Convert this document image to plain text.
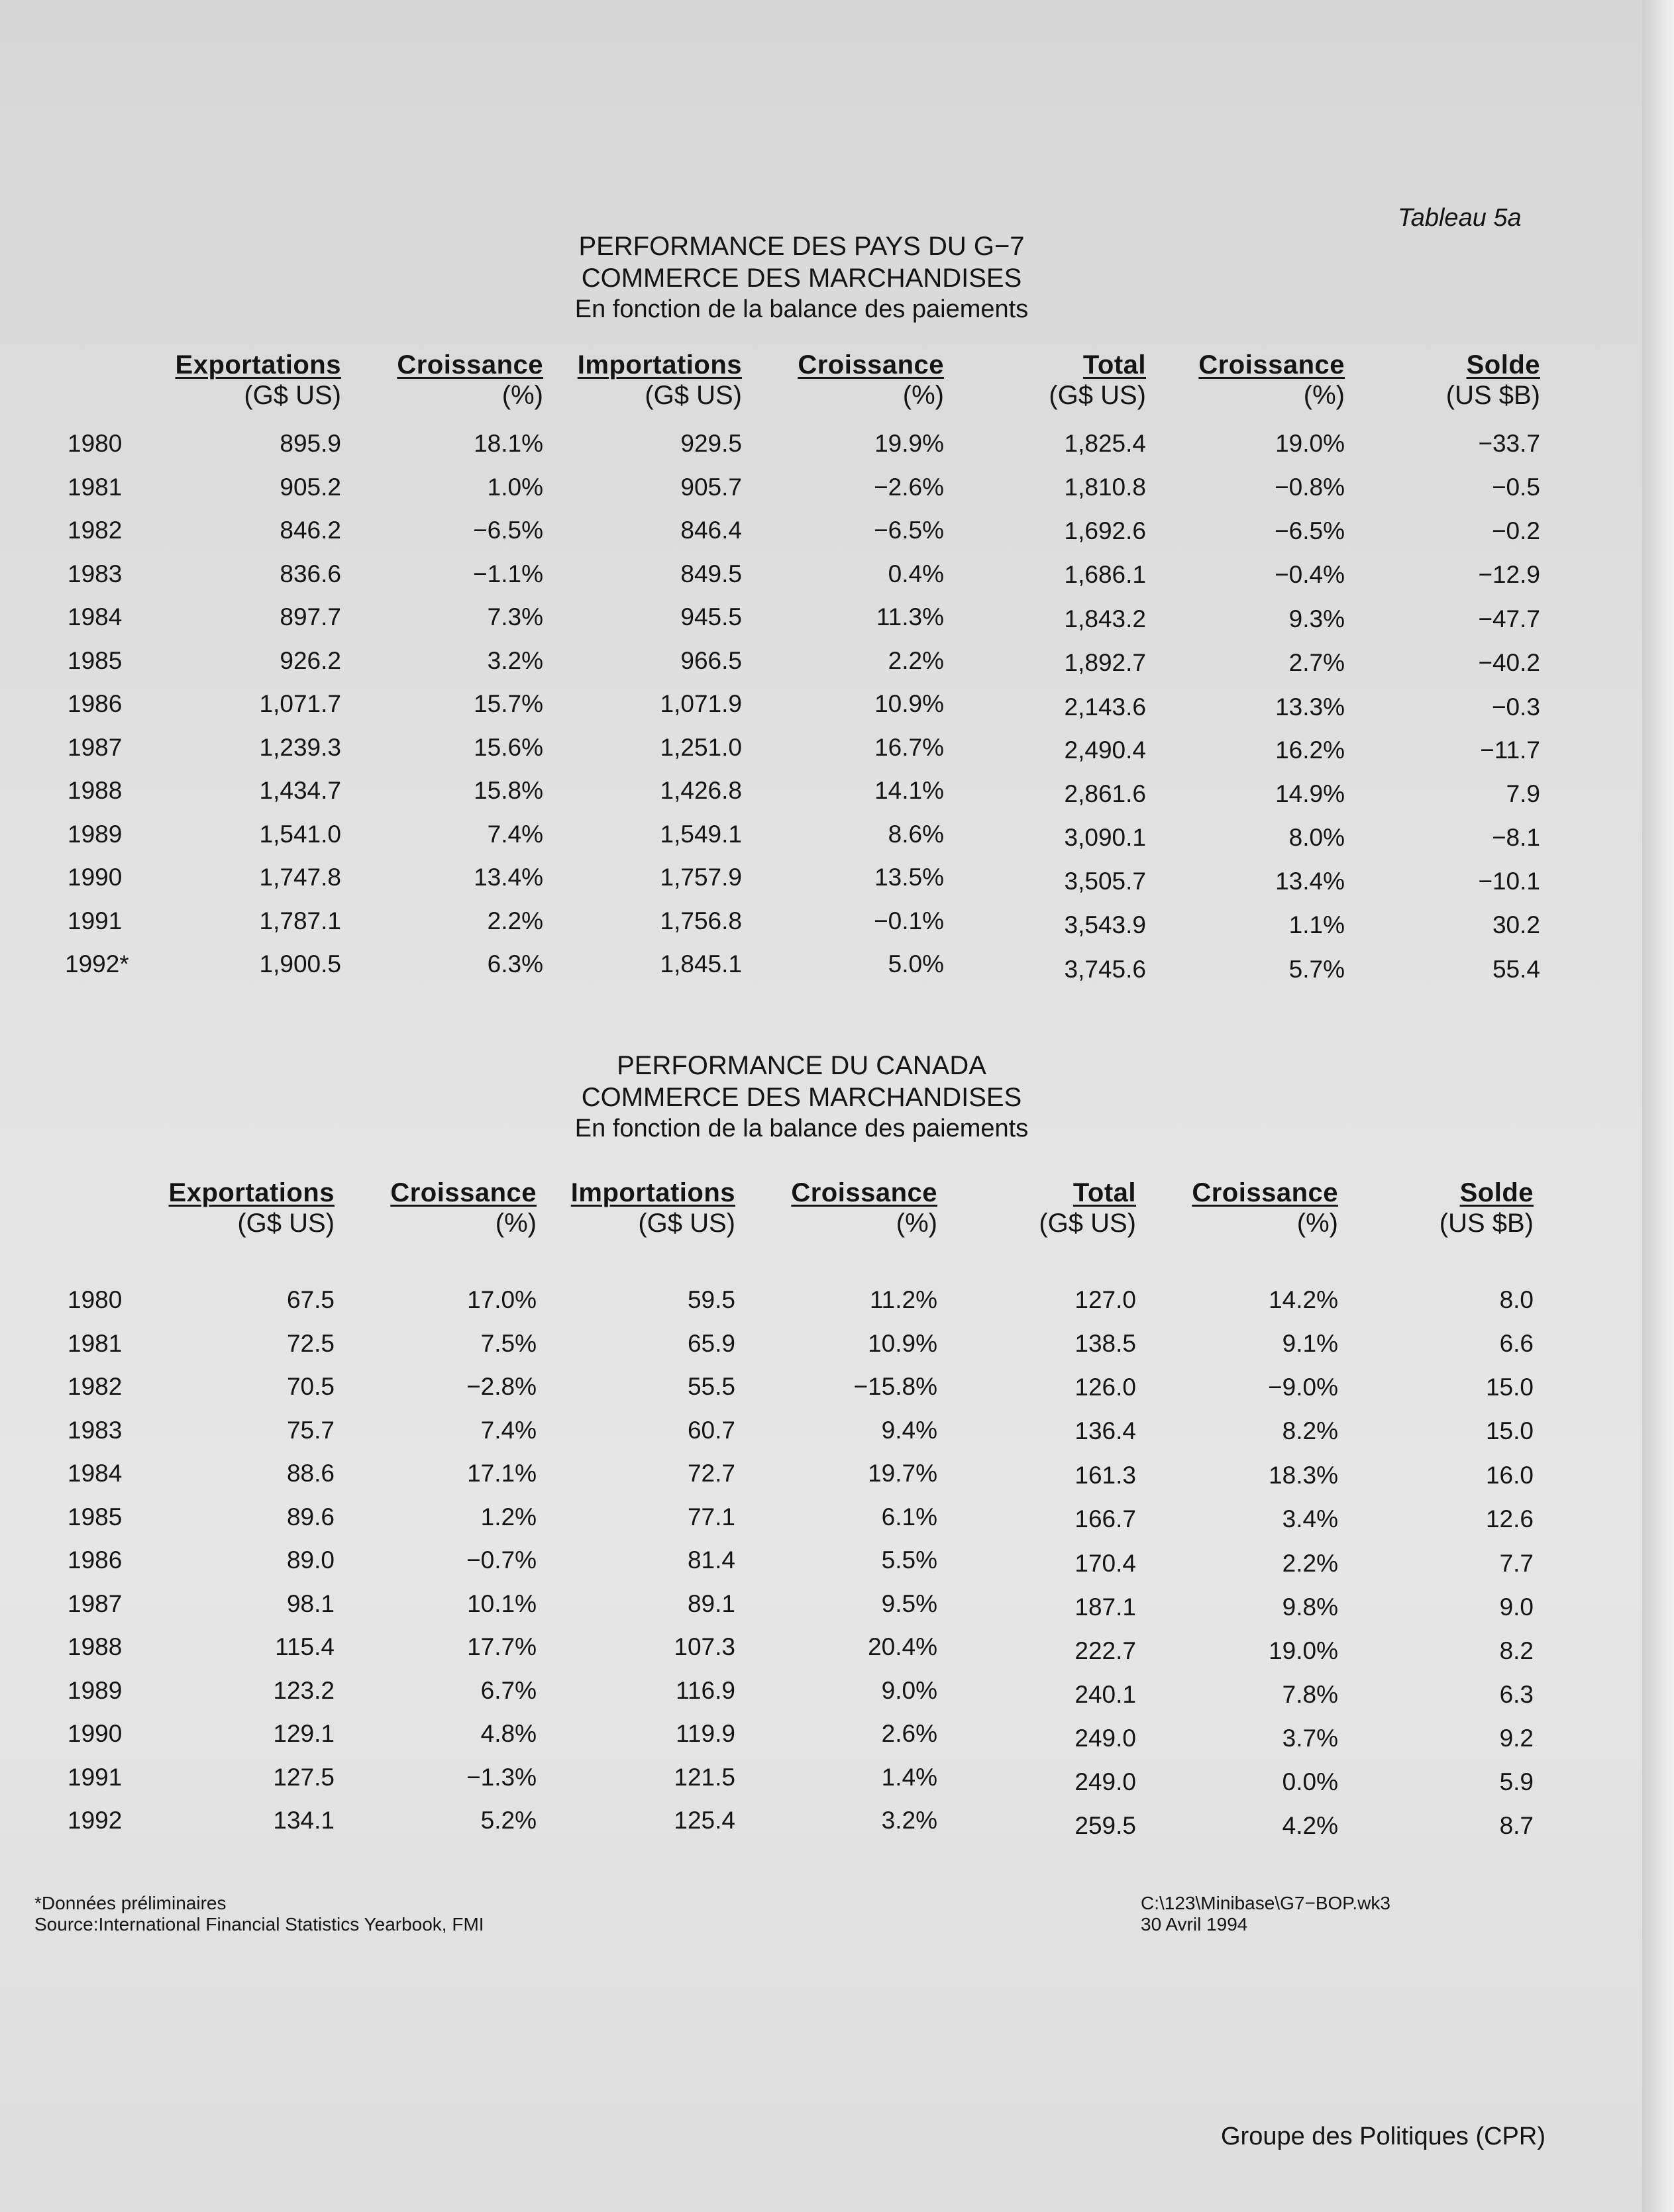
Tableau 5a
PERFORMANCE DES PAYS DU G−7
COMMERCE DES MARCHANDISES
En fonction de la balance des paiements
Exportations
(G$ US)
Croissance
(%)
Importations
(G$ US)
Croissance
(%)
Total
(G$ US)
Croissance
(%)
Solde
(US $B)
1980	895.9	18.1%	929.5	19.9%	1,825.4	19.0%	−33.7
1981	905.2	1.0%	905.7	−2.6%	1,810.8	−0.8%	−0.5
1982	846.2	−6.5%	846.4	−6.5%	1,692.6	−6.5%	−0.2
1983	836.6	−1.1%	849.5	0.4%	1,686.1	−0.4%	−12.9
1984	897.7	7.3%	945.5	11.3%	1,843.2	9.3%	−47.7
1985	926.2	3.2%	966.5	2.2%	1,892.7	2.7%	−40.2
1986	1,071.7	15.7%	1,071.9	10.9%	2,143.6	13.3%	−0.3
1987	1,239.3	15.6%	1,251.0	16.7%	2,490.4	16.2%	−11.7
1988	1,434.7	15.8%	1,426.8	14.1%	2,861.6	14.9%	7.9
1989	1,541.0	7.4%	1,549.1	8.6%	3,090.1	8.0%	−8.1
1990	1,747.8	13.4%	1,757.9	13.5%	3,505.7	13.4%	−10.1
1991	1,787.1	2.2%	1,756.8	−0.1%	3,543.9	1.1%	30.2
1992*	1,900.5	6.3%	1,845.1	5.0%	3,745.6	5.7%	55.4
PERFORMANCE DU CANADA
COMMERCE DES MARCHANDISES
En fonction de la balance des paiements
Exportations
(G$ US)
Croissance
(%)
Importations
(G$ US)
Croissance
(%)
Total
(G$ US)
Croissance
(%)
Solde
(US $B)
1980	67.5	17.0%	59.5	11.2%	127.0	14.2%	8.0
1981	72.5	7.5%	65.9	10.9%	138.5	9.1%	6.6
1982	70.5	−2.8%	55.5	−15.8%	126.0	−9.0%	15.0
1983	75.7	7.4%	60.7	9.4%	136.4	8.2%	15.0
1984	88.6	17.1%	72.7	19.7%	161.3	18.3%	16.0
1985	89.6	1.2%	77.1	6.1%	166.7	3.4%	12.6
1986	89.0	−0.7%	81.4	5.5%	170.4	2.2%	7.7
1987	98.1	10.1%	89.1	9.5%	187.1	9.8%	9.0
1988	115.4	17.7%	107.3	20.4%	222.7	19.0%	8.2
1989	123.2	6.7%	116.9	9.0%	240.1	7.8%	6.3
1990	129.1	4.8%	119.9	2.6%	249.0	3.7%	9.2
1991	127.5	−1.3%	121.5	1.4%	249.0	0.0%	5.9
1992	134.1	5.2%	125.4	3.2%	259.5	4.2%	8.7
*Données préliminaires
Source:International Financial Statistics Yearbook, FMI
C:\123\Minibase\G7−BOP.wk3
30 Avril 1994
Groupe des Politiques (CPR)
